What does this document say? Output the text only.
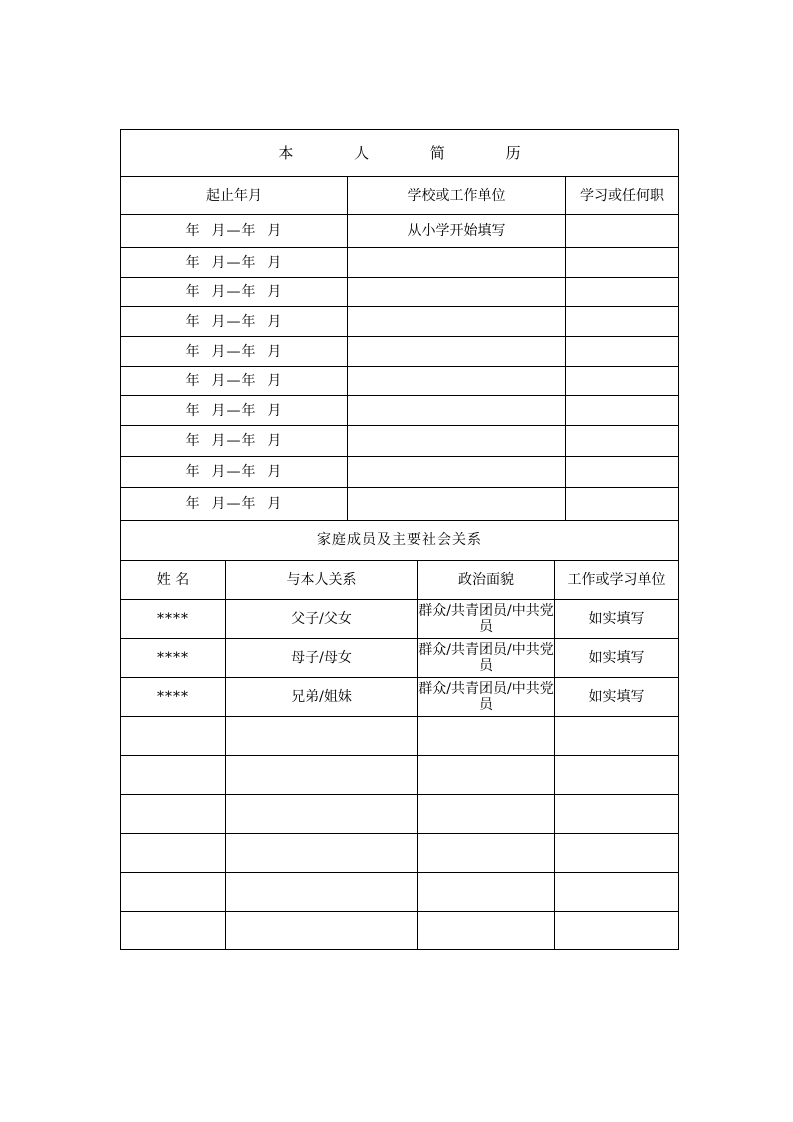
本 人 简 历		
起止年月	学校或工作单位	学习或任何职
年  月—年  月	从小学开始填写	
年  月—年  月		
年  月—年  月		
年  月—年  月		
年  月—年  月		
年  月—年  月		
年  月—年  月		
年  月—年  月		
年  月—年  月		
年  月—年  月		
家庭成员及主要社会关系			
姓 名	与本人关系	政治面貌	工作或学习单位
****	父子/父女	群众/共青团员/中共党员	如实填写
****	母子/母女	群众/共青团员/中共党员	如实填写
****	兄弟/姐妹	群众/共青团员/中共党员	如实填写
